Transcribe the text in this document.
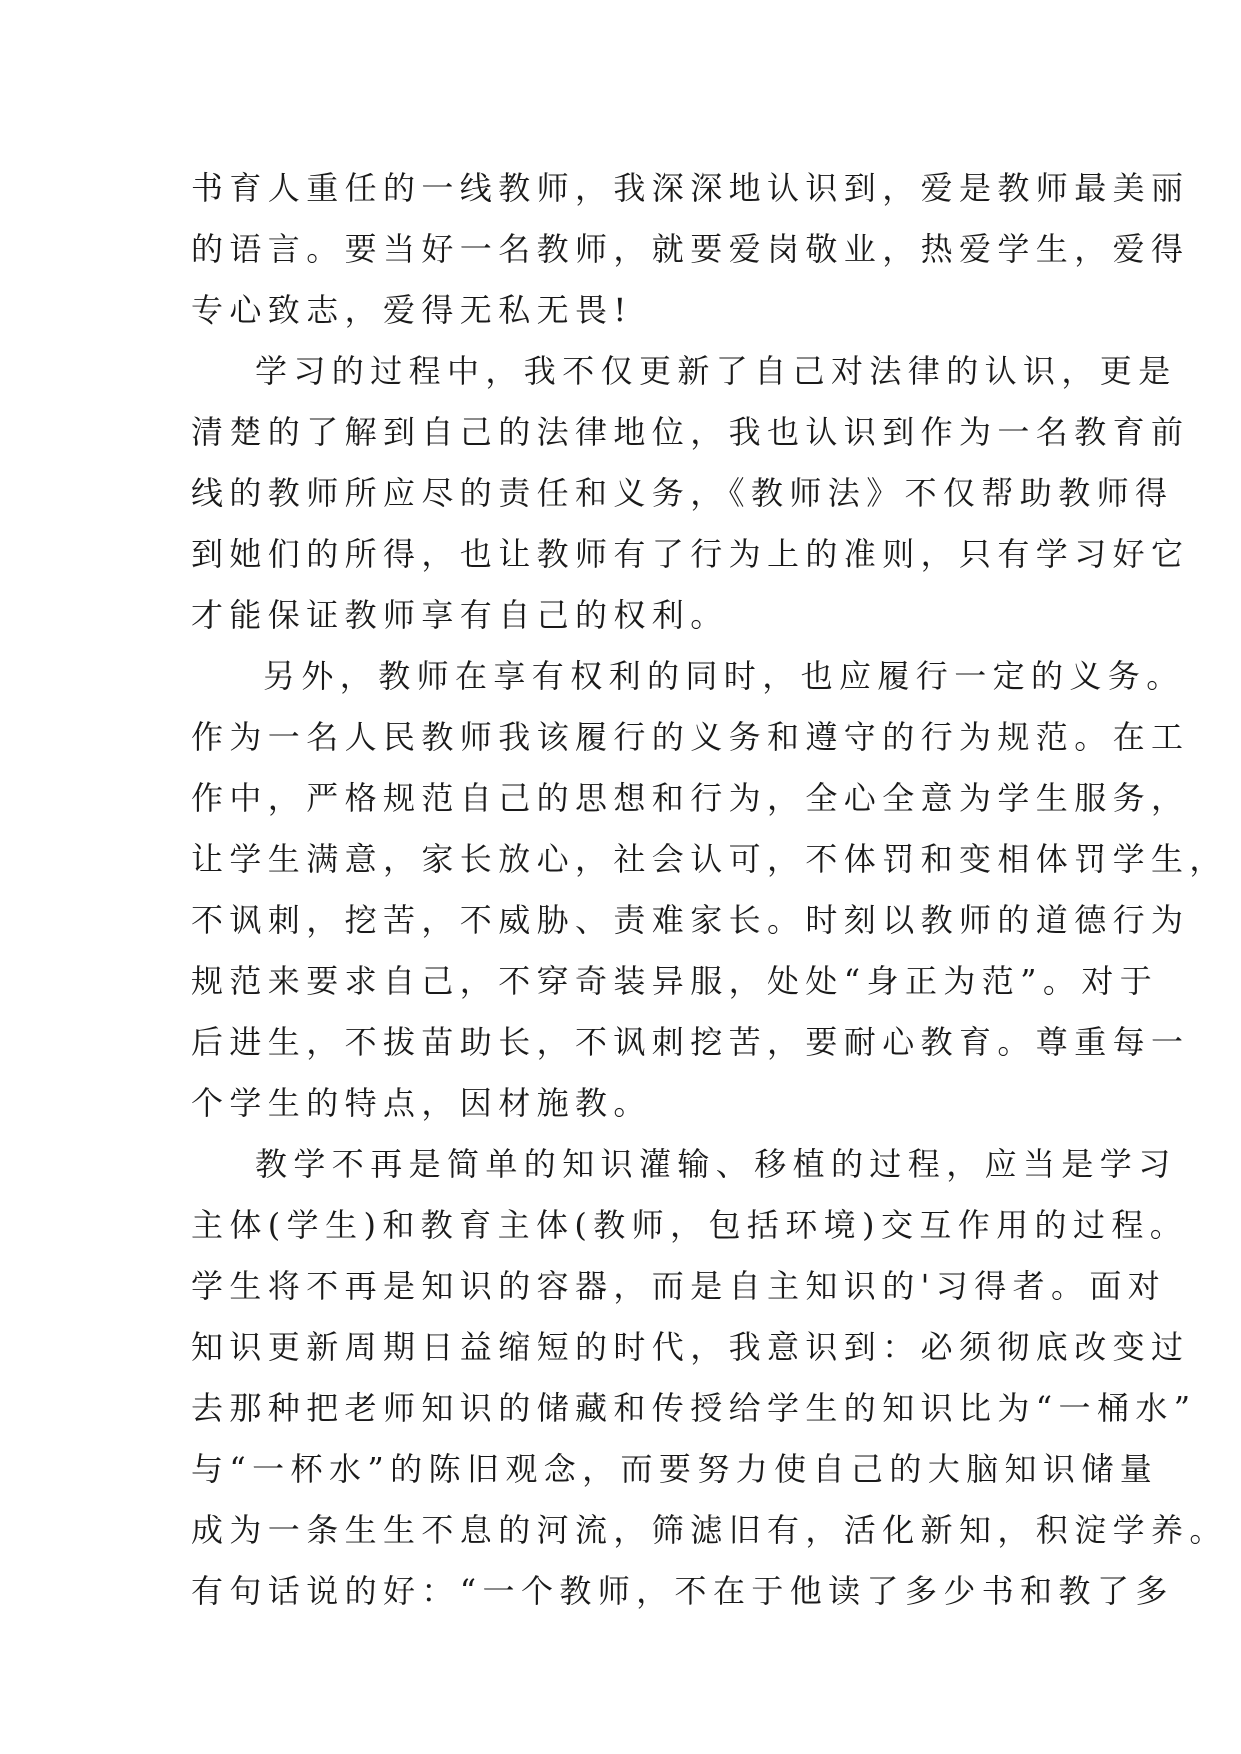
书育人重任的一线教师，我深深地认识到，爱是教师最美丽
的语言。要当好一名教师，就要爱岗敬业，热爱学生，爱得
专心致志，爱得无私无畏!
学习的过程中，我不仅更新了自己对法律的认识，更是
清楚的了解到自己的法律地位，我也认识到作为一名教育前
线的教师所应尽的责任和义务，《教师法》不仅帮助教师得
到她们的所得，也让教师有了行为上的准则，只有学习好它
才能保证教师享有自己的权利。
另外，教师在享有权利的同时，也应履行一定的义务。
作为一名人民教师我该履行的义务和遵守的行为规范。在工
作中，严格规范自己的思想和行为，全心全意为学生服务，
让学生满意，家长放心，社会认可，不体罚和变相体罚学生，
不讽刺，挖苦，不威胁、责难家长。时刻以教师的道德行为
规范来要求自己，不穿奇装异服，处处“身正为范”。对于
后进生，不拔苗助长，不讽刺挖苦，要耐心教育。尊重每一
个学生的特点，因材施教。
教学不再是简单的知识灌输、移植的过程，应当是学习
主体(学生)和教育主体(教师，包括环境)交互作用的过程。
学生将不再是知识的容器，而是自主知识的'习得者。面对
知识更新周期日益缩短的时代，我意识到：必须彻底改变过
去那种把老师知识的储藏和传授给学生的知识比为“一桶水”
与“一杯水”的陈旧观念，而要努力使自己的大脑知识储量
成为一条生生不息的河流，筛滤旧有，活化新知，积淀学养。
有句话说的好：“一个教师，不在于他读了多少书和教了多
